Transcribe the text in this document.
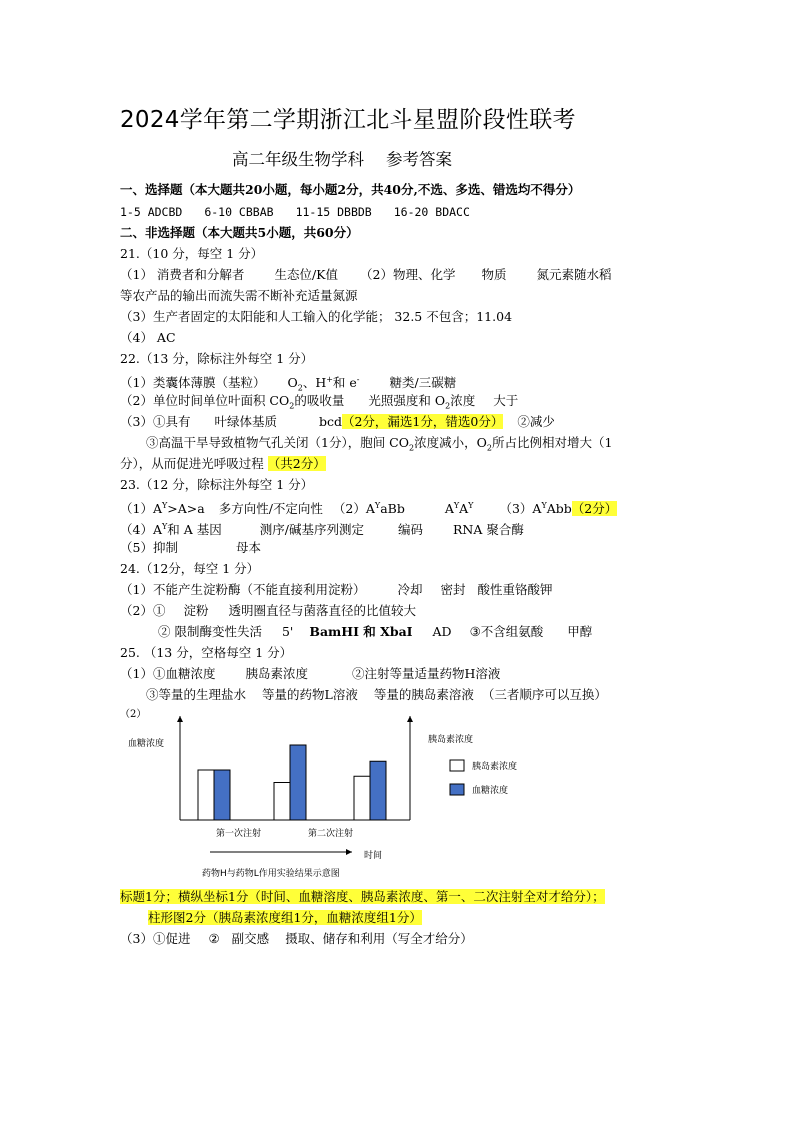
2024学年第二学期浙江北斗星盟阶段性联考
高二年级生物学科 参考答案
一、选择题（本大题共20小题，每小题2分，共40分,不选、多选、错选均不得分）
1-5 ADCBD 6-10 CBBAB 11-15 DBBDB 16-20 BDACC
二、非选择题（本大题共5小题，共60分）
21.（10 分，每空 1 分）
（1） 消费者和分解者 生态位/K值 （2）物理、化学 物质 氮元素随水稻
等农产品的输出而流失需不断补充适量氮源
（3）生产者固定的太阳能和人工输入的化学能； 32.5 不包含；11.04
（4） AC
22.（13 分，除标注外每空 1 分）
（1）类囊体薄膜（基粒） $O_2$、H+和 e- 糖类/三碳糖
（2）单位时间单位叶面积 $CO_2$的吸收量 光照强度和 $O_2$浓度 大于
（3）①具有 叶绿体基质	bcd（2分，漏选1分，错选0分） ②减少
③高温干旱导致植物气孔关闭（1分），胞间 $CO_2$浓度减小，$O_2$所占比例相对增大（1
分），从而促进光呼吸过程 （共2分）
23.（12 分，除标注外每空 1 分）
$(1)A^Y>A>a$ 多方向性/不定向性 $(2)A^YaBb$	$A^YA^Y$ $(3)A^YAbb(2$分）
$(4)A^Y$和 A 基因	测序/碱基序列测定	编码 RNA 聚合酶
（5）抑制	母本
24.（12分，每空 1 分）
（1）不能产生淀粉酶（不能直接利用淀粉）	冷却 密封 酸性重铬酸钾
（2）① 淀粉 透明圈直径与菌落直径的比值较大
② 限制酶变性失活 5' BamHI 和 XbaI AD ③不含组氨酸 甲醇
25. （13 分，空格每空 1 分）
（1）①血糖浓度 胰岛素浓度	②注射等量适量药物H溶液
③等量的生理盐水 等量的药物L溶液 等量的胰岛素溶液 （三者顺序可以互换）
（2）
血糖浓度	胰岛素浓度
第一次注射	第二次注射
时间
药物H与药物L作用实验结果示意图
胰岛素浓度
血糖浓度
标题1分；横纵坐标1分（时间、血糖溶度、胰岛素浓度、第一、二次注射全对才给分）；
柱形图2分（胰岛素浓度组1分，血糖浓度组1分）
（3）①促进 ② 副交感 摄取、储存和利用（写全才给分）
